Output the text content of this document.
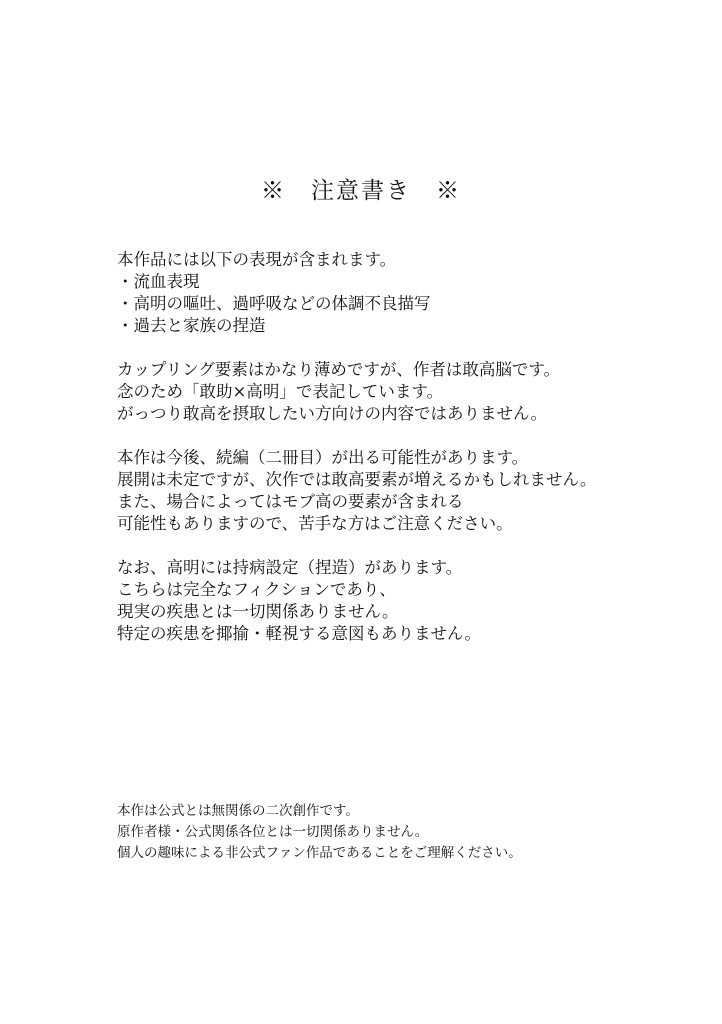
※　注意書き　※
本作品には以下の表現が含まれます。
・流血表現
・高明の嘔吐、過呼吸などの体調不良描写
・過去と家族の捏造
カップリング要素はかなり薄めですが、作者は敢高脳です。
念のため「敢助×高明」で表記しています。
がっつり敢高を摂取したい方向けの内容ではありません。
本作は今後、続編（二冊目）が出る可能性があります。
展開は未定ですが、次作では敢高要素が増えるかもしれません。
また、場合によってはモブ高の要素が含まれる
可能性もありますので、苦手な方はご注意ください。
なお、高明には持病設定（捏造）があります。
こちらは完全なフィクションであり、
現実の疾患とは一切関係ありません。
特定の疾患を揶揄・軽視する意図もありません。
本作は公式とは無関係の二次創作です。
原作者様・公式関係各位とは一切関係ありません。
個人の趣味による非公式ファン作品であることをご理解ください。
